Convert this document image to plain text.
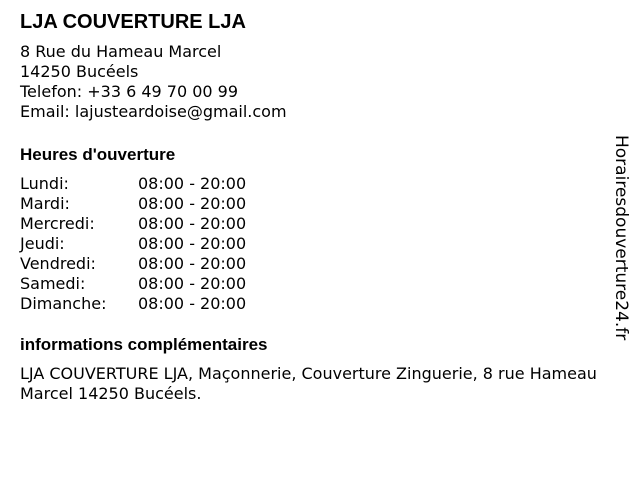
LJA COUVERTURE LJA
8 Rue du Hameau Marcel
14250 Bucéels
Telefon: +33 6 49 70 00 99
Email: lajusteardoise@gmail.com
Heures d'ouverture
Lundi:	08:00 - 20:00
Mardi:	08:00 - 20:00
Mercredi:	08:00 - 20:00
Jeudi:	08:00 - 20:00
Vendredi:	08:00 - 20:00
Samedi:	08:00 - 20:00
Dimanche:	08:00 - 20:00
informations complémentaires
LJA COUVERTURE LJA, Maçonnerie, Couverture Zinguerie, 8 rue Hameau Marcel 14250 Bucéels.
Horairesdouverture24.fr
